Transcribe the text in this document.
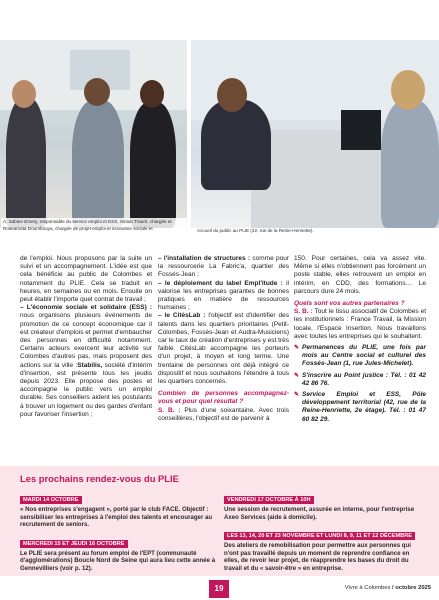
A, Sabine Emery, responsable du service emploi et ESS, Sinton Traoré, chargée et Roseamata Doumbouya, chargée de projet emploi et économie sociale et	Accueil du public au PLIE (42, rue de la Reine-Henriette).

de l'emploi. Nous proposons par la suite un suivi et un accompagnement. L'idée est que cela bénéficie au public de Colombes et notamment du PLIE. Cela se traduit en heures, en semaines ou en mois. Ensuite on peut établir l'importe quel contrat de travail ;

– L'économie sociale et solidaire (ESS) : nous organisons plusieurs événements de promotion de ce concept économique car il est créateur d'emplois et permet d'embaucher des personnes en difficulté notamment. Certains acteurs exercent leur activité sur Colombes d'autres pas, mais proposent des actions sur la ville :Stabilis, société d'intérim d'insertion, est présente tous les jeudis depuis 2023. Elle propose des postes et accompagne le public vers un emploi durable. Ses conseillers aident les postulants à trouver un logement ou des gardes d'enfant pour favoriser l'insertion ;

– l'installation de structures : comme pour la ressourcerie La Fabric'a, quartier des Fossés-Jean ;

– le déploiement du label Empl'itude : il valorise les entreprises garantes de bonnes pratiques en matière de ressources humaines ;

– le CitésLab : l'objectif est d'identifier des talents dans les quartiers prioritaires (Petit-Colombes, Fossés-Jean et Audra-Musiciens) car le taux de création d'entreprises y est très faible. CitésLab accompagne les porteurs d'un projet, à moyen et long terme. Une trentaine de personnes ont déjà intégré ce dispositif et nous souhaitons l'étendre à tous les quartiers concernés.

Combien de personnes accompagnez-vous et pour quel résultat ?

S. B. : Plus d'une soixantaine. Avec trois conseillères, l'objectif est de parvenir à

150. Pour certaines, cela va assez vite. Même si elles n'obtiennent pas forcément un poste stable, elles retrouvent un emploi en intérim, en CDD, des formations… Le parcours dure 24 mois.

Quels sont vos autres partenaires ?

S. B. : Tout le tissu associatif de Colombes et les institutionnels : France Travail, la Mission locale, l'Espace Insertion. Nous travaillons avec toutes les entreprises qui le souhaitent.

✎ Permanences du PLIE, une fois par mois au Centre social et culturel des Fossés-Jean (1, rue Jules-Michelet).
✎ S'inscrire au Point justice : Tél. : 01 42 42 86 76.
✎ Service Emploi et ESS, Pôle développement territorial (42, rue de la Reine-Henriette, 2e étage). Tél. : 01 47 60 82 29.
Les prochains rendez-vous du PLIE
MARDI 14 OCTOBRE
« Nos entreprises s'engagent », porté par le club FACE. Objectif : sensibiliser les entreprises à l'emploi des talents et encourager au recrutement de seniors.
MERCREDI 15 ET JEUDI 16 OCTOBRE
Le PLIE sera présent au forum emploi de l'EPT (communauté d'agglomérations) Boucle Nord de Seine qui aura lieu cette année à Gennevilliers (voir p. 12).
VENDREDI 17 OCTOBRE À 10H
Une session de recrutement, assurée en interne, pour l'entreprise Axeo Services (aide à domicile).
LES 13, 14, 20 ET 23 NOVEMBRE ET LUNDI 8, 9, 11 ET 12 DÉCEMBRE
Des ateliers de remobilisation pour permettre aux personnes qui n'ont pas travaillé depuis un moment de reprendre confiance en elles, de revoir leur projet, de réapprendre les bases du droit du travail et du « savoir-être » en entreprise.
19	Vivre à Colombes / octobre 2025
